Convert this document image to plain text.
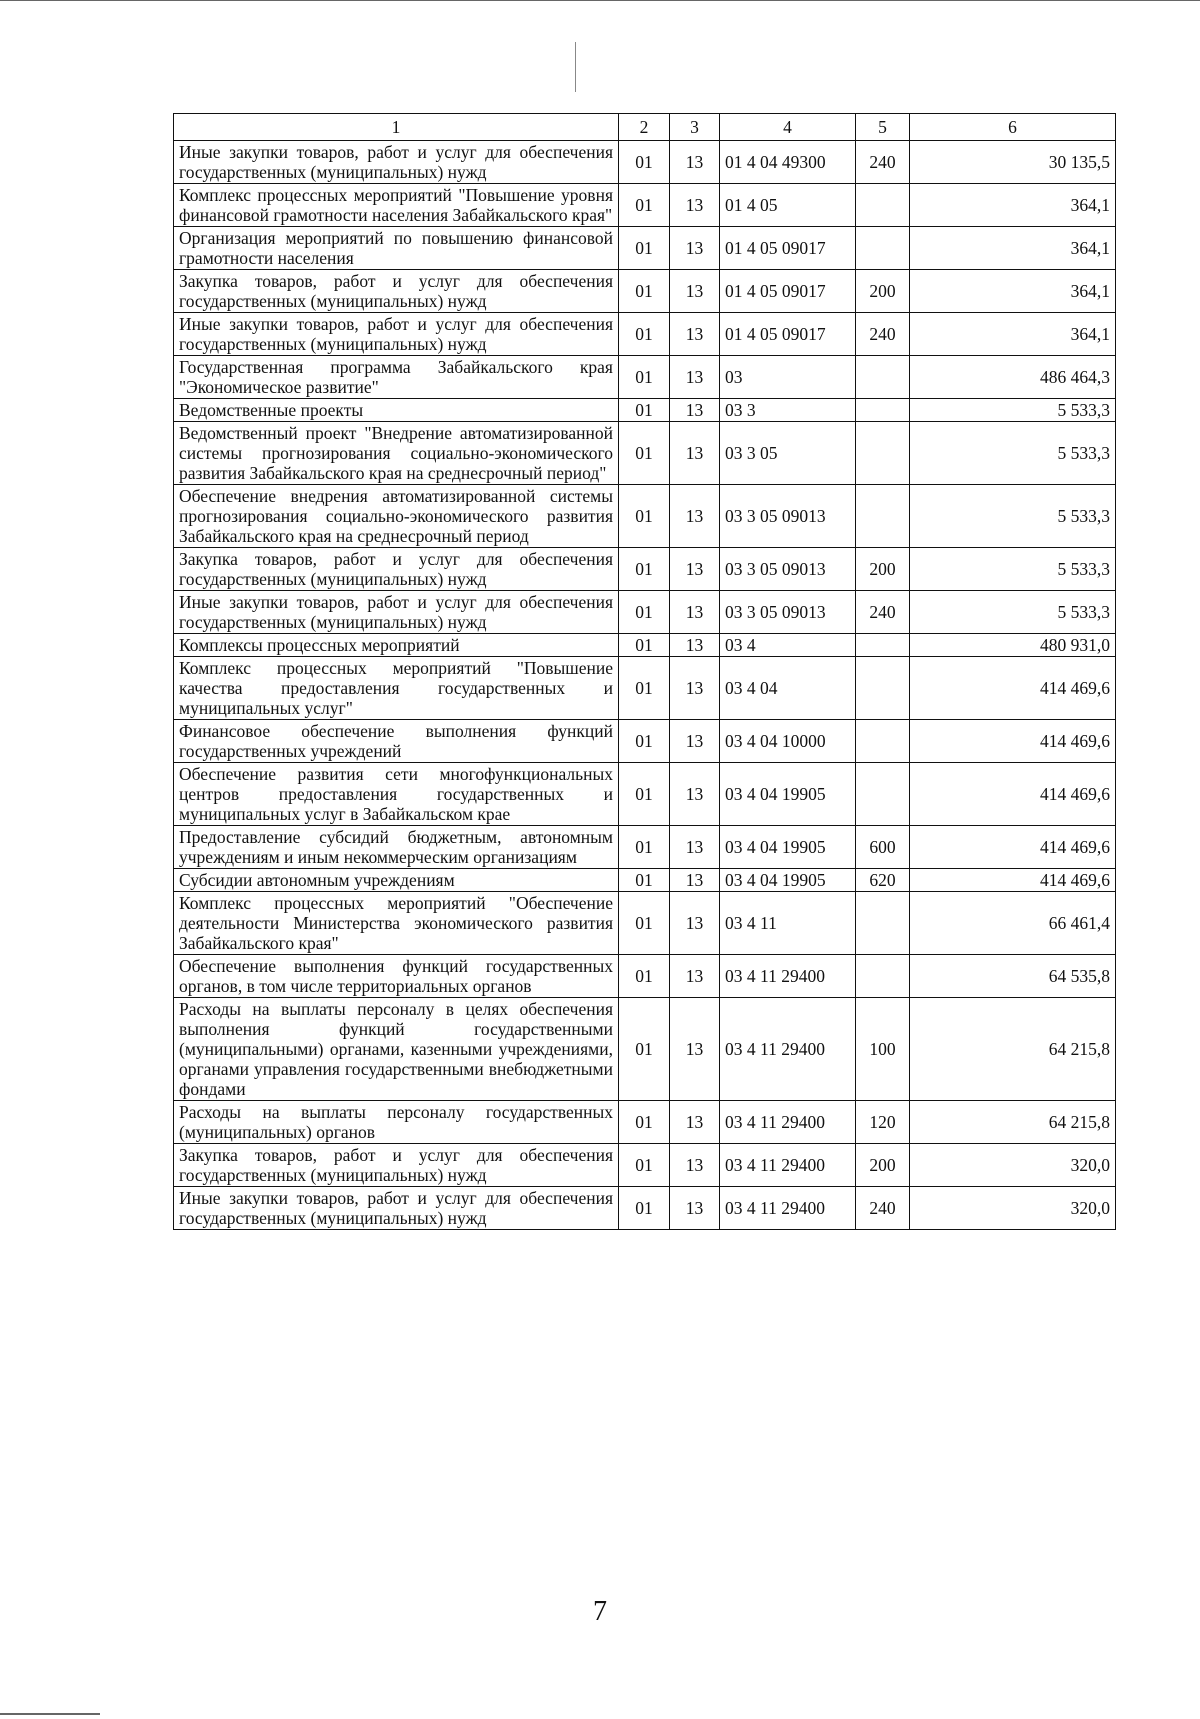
1	2	3	4	5	6
Иные закупки товаров, работ и услуг для обеспечения государственных (муниципальных) нужд	01	13	01 4 04 49300	240	30 135,5
Комплекс процессных мероприятий "Повышение уровня финансовой грамотности населения Забайкальского края"	01	13	01 4 05		364,1
Организация мероприятий по повышению финансовой грамотности населения	01	13	01 4 05 09017		364,1
Закупка товаров, работ и услуг для обеспечения государственных (муниципальных) нужд	01	13	01 4 05 09017	200	364,1
Иные закупки товаров, работ и услуг для обеспечения государственных (муниципальных) нужд	01	13	01 4 05 09017	240	364,1
Государственная программа Забайкальского края "Экономическое развитие"	01	13	03		486 464,3
Ведомственные проекты	01	13	03 3		5 533,3
Ведомственный проект "Внедрение автоматизированной системы прогнозирования социально-экономического развития Забайкальского края на среднесрочный период"	01	13	03 3 05		5 533,3
Обеспечение внедрения автоматизированной системы прогнозирования социально-экономического развития Забайкальского края на среднесрочный период	01	13	03 3 05 09013		5 533,3
Закупка товаров, работ и услуг для обеспечения государственных (муниципальных) нужд	01	13	03 3 05 09013	200	5 533,3
Иные закупки товаров, работ и услуг для обеспечения государственных (муниципальных) нужд	01	13	03 3 05 09013	240	5 533,3
Комплексы процессных мероприятий	01	13	03 4		480 931,0
Комплекс процессных мероприятий "Повышение качества предоставления государственных и муниципальных услуг"	01	13	03 4 04		414 469,6
Финансовое обеспечение выполнения функций государственных учреждений	01	13	03 4 04 10000		414 469,6
Обеспечение развития сети многофункциональных центров предоставления государственных и муниципальных услуг в Забайкальском крае	01	13	03 4 04 19905		414 469,6
Предоставление субсидий бюджетным, автономным учреждениям и иным некоммерческим организациям	01	13	03 4 04 19905	600	414 469,6
Субсидии автономным учреждениям	01	13	03 4 04 19905	620	414 469,6
Комплекс процессных мероприятий "Обеспечение деятельности Министерства экономического развития Забайкальского края"	01	13	03 4 11		66 461,4
Обеспечение выполнения функций государственных органов, в том числе территориальных органов	01	13	03 4 11 29400		64 535,8
Расходы на выплаты персоналу в целях обеспечения выполнения функций государственными (муниципальными) органами, казенными учреждениями, органами управления государственными внебюджетными фондами	01	13	03 4 11 29400	100	64 215,8
Расходы на выплаты персоналу государственных (муниципальных) органов	01	13	03 4 11 29400	120	64 215,8
Закупка товаров, работ и услуг для обеспечения государственных (муниципальных) нужд	01	13	03 4 11 29400	200	320,0
Иные закупки товаров, работ и услуг для обеспечения государственных (муниципальных) нужд	01	13	03 4 11 29400	240	320,0
7
